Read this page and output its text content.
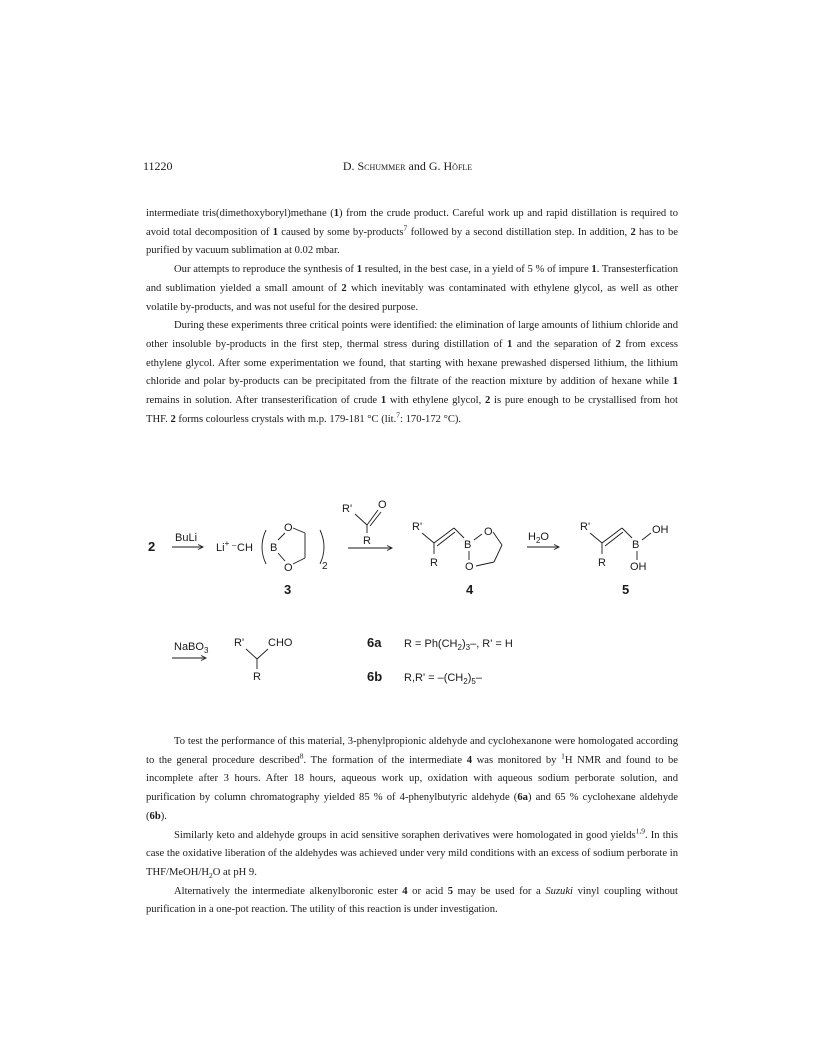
11220	D. Schummer and G. Höfle

intermediate tris(dimethoxyboryl)methane (1) from the crude product. Careful work up and rapid distillation is required to avoid total decomposition of 1 caused by some by-products$^7$ followed by a second distillation step. In addition, 2 has to be purified by vacuum sublimation at 0.02 mbar.

Our attempts to reproduce the synthesis of 1 resulted, in the best case, in a yield of 5 % of impure 1. Transesterfication and sublimation yielded a small amount of 2 which inevitably was contaminated with ethylene glycol, as well as other volatile by-products, and was not useful for the desired purpose.

During these experiments three critical points were identified: the elimination of large amounts of lithium chloride and other insoluble by-products in the first step, thermal stress during distillation of 1 and the separation of 2 from excess ethylene glycol. After some experimentation we found, that starting with hexane prewashed dispersed lithium, the lithium chloride and polar by-products can be precipitated from the filtrate of the reaction mixture by addition of hexane while 1 remains in solution. After transesterification of crude 1 with ethylene glycol, 2 is pure enough to be crystallised from hot THF. 2 forms colourless crystals with m.p. 179-181 °C (lit.$^7$: 170-172 °C).

2
BuLi
Li+ ⁻CH
2
B
O
O
3
R' O
R
R'
R
B
O
O
4
$H_2O$
R'
R
B
OH
OH
5
NaBO$_3$
R' CHO
R
6a $R = Ph(CH_2)_3-$, R' = H
6b $R,R' = -(CH_2)_5-$

To test the performance of this material, 3-phenylpropionic aldehyde and cyclohexanone were homologated according to the general procedure described$^8$. The formation of the intermediate 4 was monitored by $^1$H NMR and found to be incomplete after 3 hours. After 18 hours, aqueous work up, oxidation with aqueous sodium perborate solution, and purification by column chromatography yielded 85 % of 4-phenylbutyric aldehyde (6a) and 65 % cyclohexane aldehyde (6b).

Similarly keto and aldehyde groups in acid sensitive soraphen derivatives were homologated in good yields$^{1,9}$. In this case the oxidative liberation of the aldehydes was achieved under very mild conditions with an excess of sodium perborate in THF/$MeOH/H_2O$ at pH 9.

Alternatively the intermediate alkenylboronic ester 4 or acid 5 may be used for a Suzuki vinyl coupling without purification in a one-pot reaction. The utility of this reaction is under investigation.
